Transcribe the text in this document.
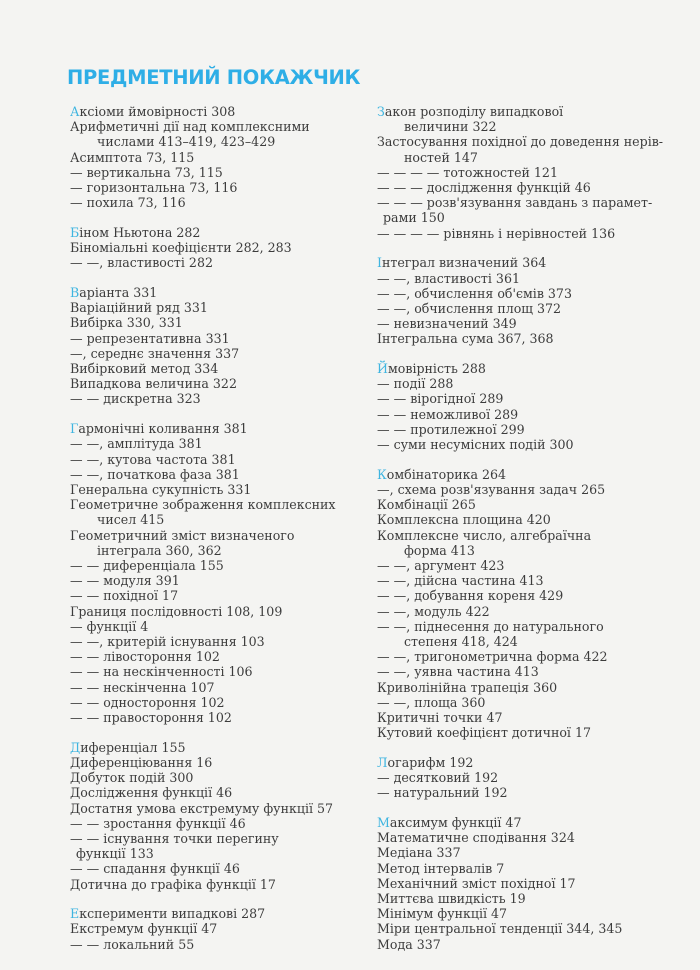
ПРЕДМЕТНИЙ ПОКАЖЧИК
Аксіоми ймовірності 308
Арифметичні дії над комплексними
числами 413–419, 423–429
Асимптота 73, 115
— вертикальна 73, 115
— горизонтальна 73, 116
— похила 73, 116
Біном Ньютона 282
Біноміальні коефіцієнти 282, 283
— —, властивості 282
Варіанта 331
Варіаційний ряд 331
Вибірка 330, 331
— репрезентативна 331
—, середнє значення 337
Вибірковий метод 334
Випадкова величина 322
— — дискретна 323
Гармонічні коливання 381
— —, амплітуда 381
— —, кутова частота 381
— —, початкова фаза 381
Генеральна сукупність 331
Геометричне зображення комплексних
чисел 415
Геометричний зміст визначеного
інтеграла 360, 362
— — диференціала 155
— — модуля 391
— — похідної 17
Границя послідовності 108, 109
— функції 4
— —, критерій існування 103
— — лівостороння 102
— — на нескінченності 106
— — нескінченна 107
— — одностороння 102
— — правостороння 102
Диференціал 155
Диференціювання 16
Добуток подій 300
Дослідження функції 46
Достатня умова екстремуму функції 57
— — зростання функції 46
— — існування точки перегину
функції 133
— — спадання функції 46
Дотична до графіка функції 17
Експерименти випадкові 287
Екстремум функції 47
— — локальний 55
Закон розподілу випадкової
величини 322
Застосування похідної до доведення нерів-
ностей 147
— — — — тотожностей 121
— — — дослідження функцій 46
— — — розв'язування завдань з парамет-
рами 150
— — — — рівнянь і нерівностей 136
Інтеграл визначений 364
— —, властивості 361
— —, обчислення об'ємів 373
— —, обчислення площ 372
— невизначений 349
Інтегральна сума 367, 368
Ймовірність 288
— події 288
— — вірогідної 289
— — неможливої 289
— — протилежної 299
— суми несумісних подій 300
Комбінаторика 264
—, схема розв'язування задач 265
Комбінації 265
Комплексна площина 420
Комплексне число, алгебраїчна
форма 413
— —, аргумент 423
— —, дійсна частина 413
— —, добування кореня 429
— —, модуль 422
— —, піднесення до натурального
степеня 418, 424
— —, тригонометрична форма 422
— —, уявна частина 413
Криволінійна трапеція 360
— —, площа 360
Критичні точки 47
Кутовий коефіцієнт дотичної 17
Логарифм 192
— десятковий 192
— натуральний 192
Максимум функції 47
Математичне сподівання 324
Медіана 337
Метод інтервалів 7
Механічний зміст похідної 17
Миттєва швидкість 19
Мінімум функції 47
Міри центральної тенденції 344, 345
Мода 337
